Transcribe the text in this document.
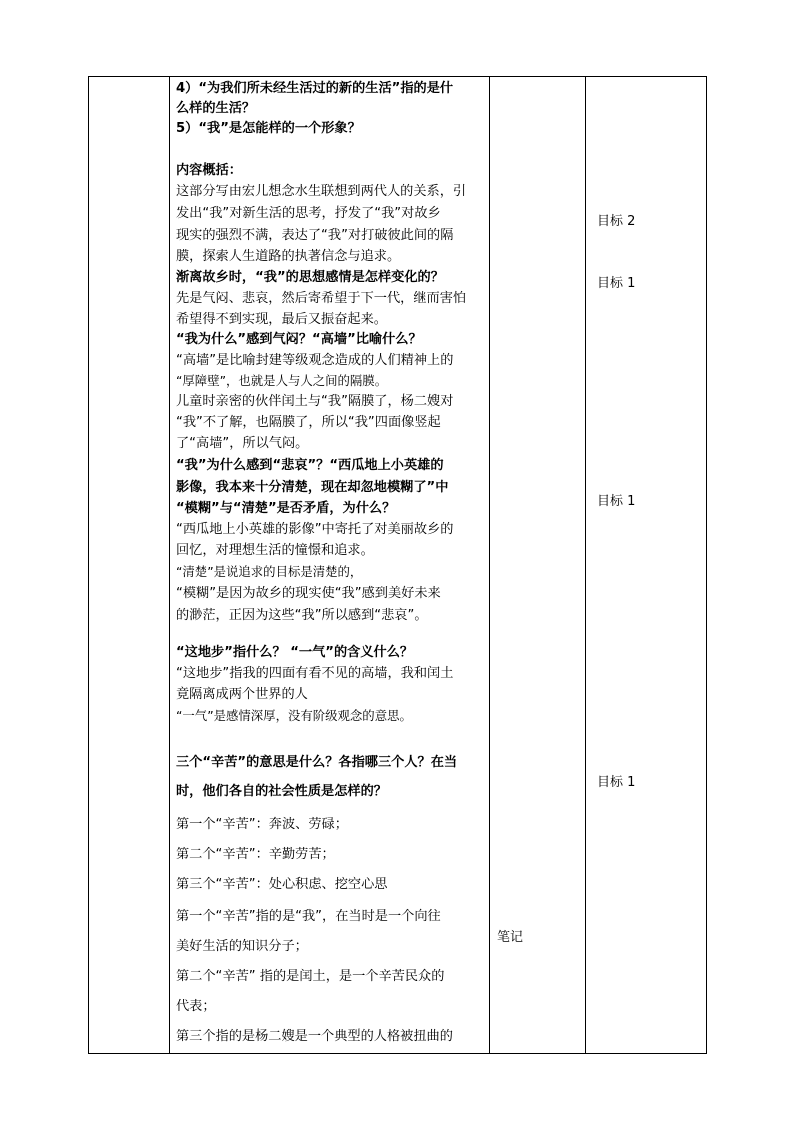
4）“为我们所未经生活过的新的生活”指的是什
么样的生活？
5）“我”是怎能样的一个形象？
内容概括：
这部分写由宏儿想念水生联想到两代人的关系，引
发出“我”对新生活的思考，抒发了“我”对故乡
现实的强烈不满，表达了“我”对打破彼此间的隔
膜，探索人生道路的执著信念与追求。
渐离故乡时，“我”的思想感情是怎样变化的？
先是气闷、悲哀，然后寄希望于下一代，继而害怕
希望得不到实现，最后又振奋起来。
“我为什么”感到气闷？“高墙”比喻什么？
“高墙”是比喻封建等级观念造成的人们精神上的
“厚障壁”，也就是人与人之间的隔膜。
儿童时亲密的伙伴闰土与“我”隔膜了，杨二嫂对
“我”不了解，也隔膜了，所以“我”四面像竖起
了“高墙”，所以气闷。
“我”为什么感到“悲哀”？“西瓜地上小英雄的
影像，我本来十分清楚，现在却忽地模糊了”中
“模糊”与“清楚”是否矛盾，为什么？
“西瓜地上小英雄的影像”中寄托了对美丽故乡的
回忆，对理想生活的憧憬和追求。
“清楚”是说追求的目标是清楚的，
“模糊”是因为故乡的现实使“我”感到美好未来
的渺茫，正因为这些“我”所以感到“悲哀”。
“这地步”指什么？ “一气”的含义什么？
“这地步”指我的四面有看不见的高墙，我和闰土
竟隔离成两个世界的人
“一气”是感情深厚，没有阶级观念的意思。
三个“辛苦”的意思是什么？各指哪三个人？在当
时，他们各自的社会性质是怎样的？
第一个“辛苦”：奔波、劳碌；
第二个“辛苦”：辛勤劳苦；
第三个“辛苦”：处心积虑、挖空心思
第一个“辛苦”指的是“我”，在当时是一个向往
美好生活的知识分子；
第二个“辛苦” 指的是闰土，是一个辛苦民众的
代表；
第三个指的是杨二嫂是一个典型的人格被扭曲的
笔记
目标 2
目标 1
目标 1
目标 1
